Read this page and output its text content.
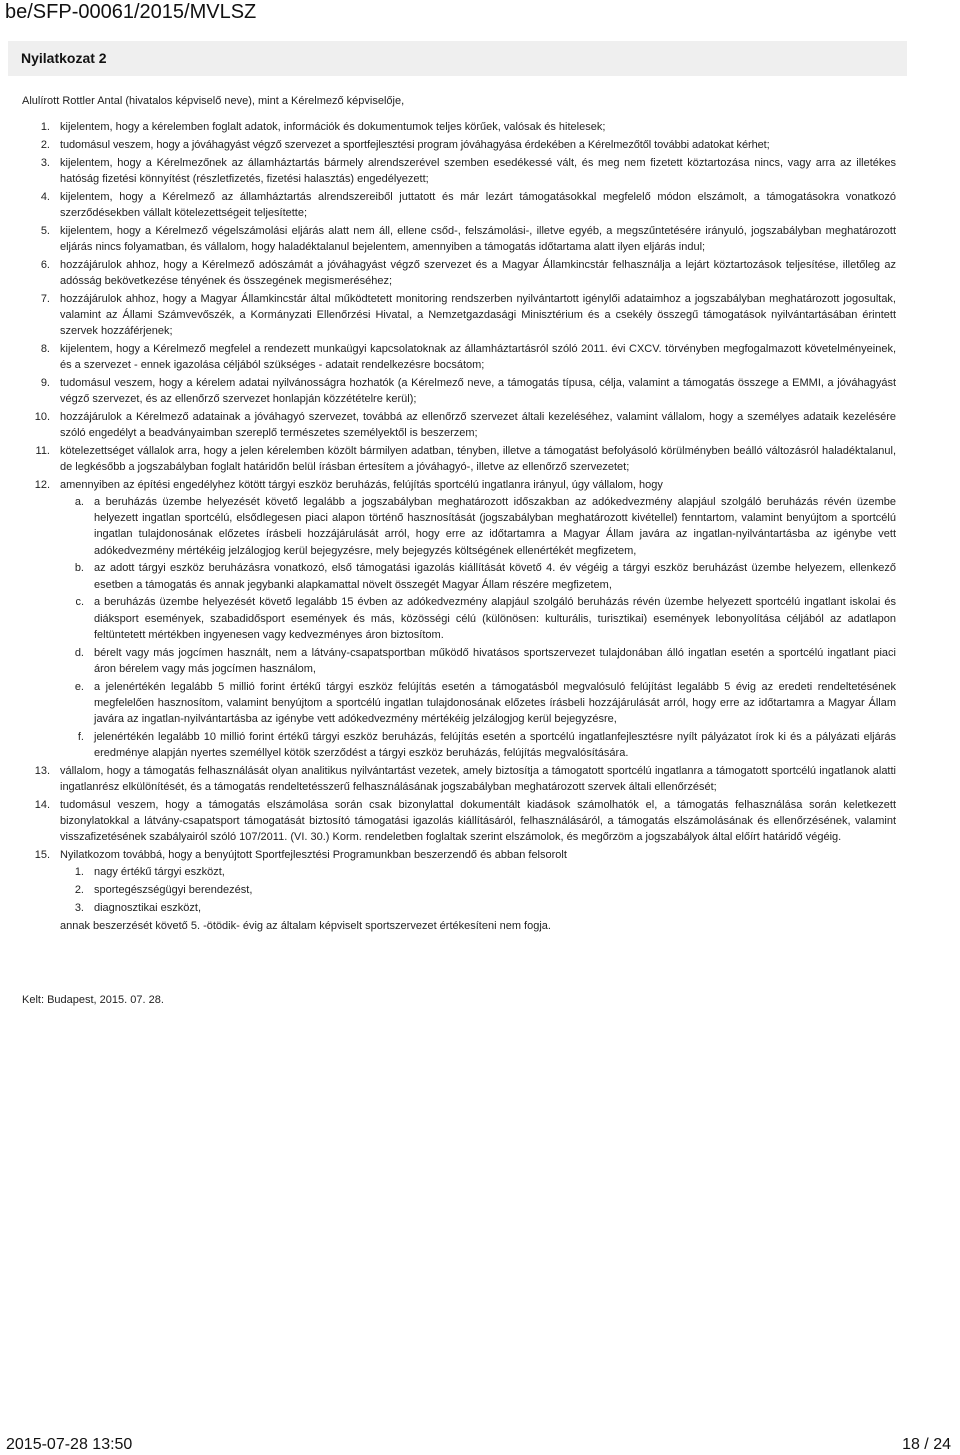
be/SFP-00061/2015/MVLSZ
Nyilatkozat 2
Alulírott Rottler Antal (hivatalos képviselő neve), mint a Kérelmező képviselője,
1. kijelentem, hogy a kérelemben foglalt adatok, információk és dokumentumok teljes körűek, valósak és hitelesek;
2. tudomásul veszem, hogy a jóváhagyást végző szervezet a sportfejlesztési program jóváhagyása érdekében a Kérelmezőtől további adatokat kérhet;
3. kijelentem, hogy a Kérelmezőnek az államháztartás bármely alrendszerével szemben esedékessé vált, és meg nem fizetett köztartozása nincs, vagy arra az illetékes hatóság fizetési könnyítést (részletfizetés, fizetési halasztás) engedélyezett;
4. kijelentem, hogy a Kérelmező az államháztartás alrendszereiből juttatott és már lezárt támogatásokkal megfelelő módon elszámolt, a támogatásokra vonatkozó szerződésekben vállalt kötelezettségeit teljesítette;
5. kijelentem, hogy a Kérelmező végelszámolási eljárás alatt nem áll, ellene csőd-, felszámolási-, illetve egyéb, a megszűntetésére irányuló, jogszabályban meghatározott eljárás nincs folyamatban, és vállalom, hogy haladéktalanul bejelentem, amennyiben a támogatás időtartama alatt ilyen eljárás indul;
6. hozzájárulok ahhoz, hogy a Kérelmező adószámát a jóváhagyást végző szervezet és a Magyar Államkincstár felhasználja a lejárt köztartozások teljesítése, illetőleg az adósság bekövetkezése tényének és összegének megismeréséhez;
7. hozzájárulok ahhoz, hogy a Magyar Államkincstár által működtetett monitoring rendszerben nyilvántartott igénylői adataimhoz a jogszabályban meghatározott jogosultak, valamint az Állami Számvevőszék, a Kormányzati Ellenőrzési Hivatal, a Nemzetgazdasági Minisztérium és a csekély összegű támogatások nyilvántartásában érintett szervek hozzáférjenek;
8. kijelentem, hogy a Kérelmező megfelel a rendezett munkaügyi kapcsolatoknak az államháztartásról szóló 2011. évi CXCV. törvényben megfogalmazott követelményeinek, és a szervezet - ennek igazolása céljából szükséges - adatait rendelkezésre bocsátom;
9. tudomásul veszem, hogy a kérelem adatai nyilvánosságra hozhatók (a Kérelmező neve, a támogatás típusa, célja, valamint a támogatás összege a EMMI, a jóváhagyást végző szervezet, és az ellenőrző szervezet honlapján közzétételre kerül);
10. hozzájárulok a Kérelmező adatainak a jóváhagyó szervezet, továbbá az ellenőrző szervezet általi kezeléséhez, valamint vállalom, hogy a személyes adataik kezelésére szóló engedélyt a beadványaimban szereplő természetes személyektől is beszerzem;
11. kötelezettséget vállalok arra, hogy a jelen kérelemben közölt bármilyen adatban, tényben, illetve a támogatást befolyásoló körülményben beálló változásról haladéktalanul, de legkésőbb a jogszabályban foglalt határidőn belül írásban értesítem a jóváhagyó-, illetve az ellenőrző szervezetet;
12. amennyiben az építési engedélyhez kötött tárgyi eszköz beruházás, felújítás sportcélú ingatlanra irányul, úgy vállalom, hogy
a. a beruházás üzembe helyezését követő legalább a jogszabályban meghatározott időszakban az adókedvezmény alapjául szolgáló beruházás révén üzembe helyezett ingatlan sportcélú, elsődlegesen piaci alapon történő hasznosítását (jogszabályban meghatározott kivétellel) fenntartom, valamint benyújtom a sportcélú ingatlan tulajdonosának előzetes írásbeli hozzájárulását arról, hogy erre az időtartamra a Magyar Állam javára az ingatlan-nyilvántartásba az igénybe vett adókedvezmény mértékéig jelzálogjog kerül bejegyzésre, mely bejegyzés költségének ellenértékét megfizetem,
b. az adott tárgyi eszköz beruházásra vonatkozó, első támogatási igazolás kiállítását követő 4. év végéig a tárgyi eszköz beruházást üzembe helyezem, ellenkező esetben a támogatás és annak jegybanki alapkamattal növelt összegét Magyar Állam részére megfizetem,
c. a beruházás üzembe helyezését követő legalább 15 évben az adókedvezmény alapjául szolgáló beruházás révén üzembe helyezett sportcélú ingatlant iskolai és diáksport események, szabadidősport események és más, közösségi célú (különösen: kulturális, turisztikai) események lebonyolítása céljából az adatlapon feltüntetett mértékben ingyenesen vagy kedvezményes áron biztosítom.
d. bérelt vagy más jogcímen használt, nem a látvány-csapatsportban működő hivatásos sportszervezet tulajdonában álló ingatlan esetén a sportcélú ingatlant piaci áron bérelem vagy más jogcímen használom,
e. a jelenértékén legalább 5 millió forint értékű tárgyi eszköz felújítás esetén a támogatásból megvalósuló felújítást legalább 5 évig az eredeti rendeltetésének megfelelően hasznosítom, valamint benyújtom a sportcélú ingatlan tulajdonosának előzetes írásbeli hozzájárulását arról, hogy erre az időtartamra a Magyar Állam javára az ingatlan-nyilvántartásba az igénybe vett adókedvezmény mértékéig jelzálogjog kerül bejegyzésre,
f. jelenértékén legalább 10 millió forint értékű tárgyi eszköz beruházás, felújítás esetén a sportcélú ingatlanfejlesztésre nyílt pályázatot írok ki és a pályázati eljárás eredménye alapján nyertes személlyel kötök szerződést a tárgyi eszköz beruházás, felújítás megvalósítására.
13. vállalom, hogy a támogatás felhasználását olyan analitikus nyilvántartást vezetek, amely biztosítja a támogatott sportcélú ingatlanra a támogatott sportcélú ingatlanok alatti ingatlanrész elkülönítését, és a támogatás rendeltetésszerű felhasználásának jogszabályban meghatározott szervek általi ellenőrzését;
14. tudomásul veszem, hogy a támogatás elszámolása során csak bizonylattal dokumentált kiadások számolhatók el, a támogatás felhasználása során keletkezett bizonylatokkal a látvány-csapatsport támogatását biztosító támogatási igazolás kiállításáról, felhasználásáról, a támogatás elszámolásának és ellenőrzésének, valamint visszafizetésének szabályairól szóló 107/2011. (VI. 30.) Korm. rendeletben foglaltak szerint elszámolok, és megőrzöm a jogszabályok által előírt határidő végéig.
15. Nyilatkozom továbbá, hogy a benyújtott Sportfejlesztési Programunkban beszerzendő és abban felsorolt
1. nagy értékű tárgyi eszközt,
2. sportegészségügyi berendezést,
3. diagnosztikai eszközt,
annak beszerzését követő 5. -ötödik- évig az általam képviselt sportszervezet értékesíteni nem fogja.
Kelt: Budapest, 2015. 07. 28.
2015-07-28 13:50	18 / 24
